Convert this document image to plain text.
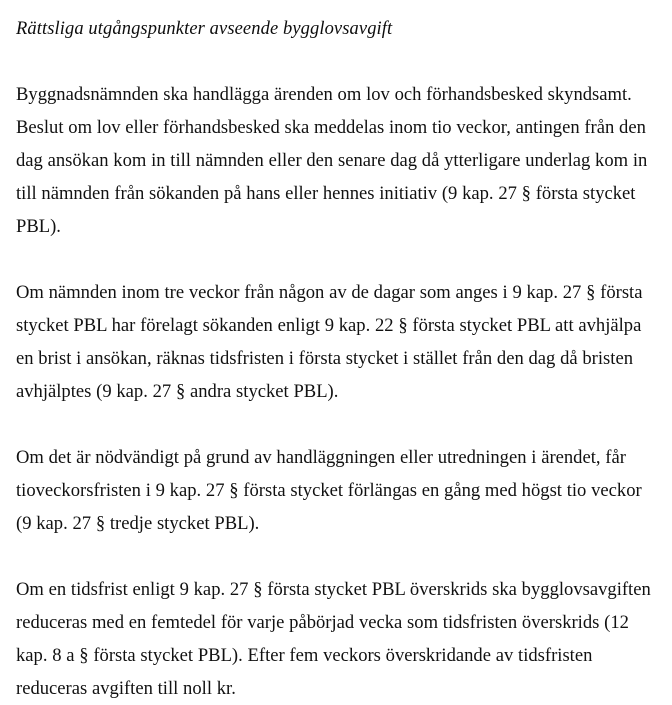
Rättsliga utgångspunkter avseende bygglovsavgift

Byggnadsnämnden ska handlägga ärenden om lov och förhandsbesked skyndsamt. Beslut om lov eller förhandsbesked ska meddelas inom tio veckor, antingen från den dag ansökan kom in till nämnden eller den senare dag då ytterligare underlag kom in till nämnden från sökanden på hans eller hennes initiativ (9 kap. 27 § första stycket PBL).

Om nämnden inom tre veckor från någon av de dagar som anges i 9 kap. 27 § första stycket PBL har förelagt sökanden enligt 9 kap. 22 § första stycket PBL att avhjälpa en brist i ansökan, räknas tidsfristen i första stycket i stället från den dag då bristen avhjälptes (9 kap. 27 § andra stycket PBL).

Om det är nödvändigt på grund av handläggningen eller utredningen i ärendet, får tioveckorsfristen i 9 kap. 27 § första stycket förlängas en gång med högst tio veckor (9 kap. 27 § tredje stycket PBL).

Om en tidsfrist enligt 9 kap. 27 § första stycket PBL överskrids ska bygglovsavgiften reduceras med en femtedel för varje påbörjad vecka som tidsfristen överskrids (12 kap. 8 a § första stycket PBL). Efter fem veckors överskridande av tidsfristen reduceras avgiften till noll kr.
